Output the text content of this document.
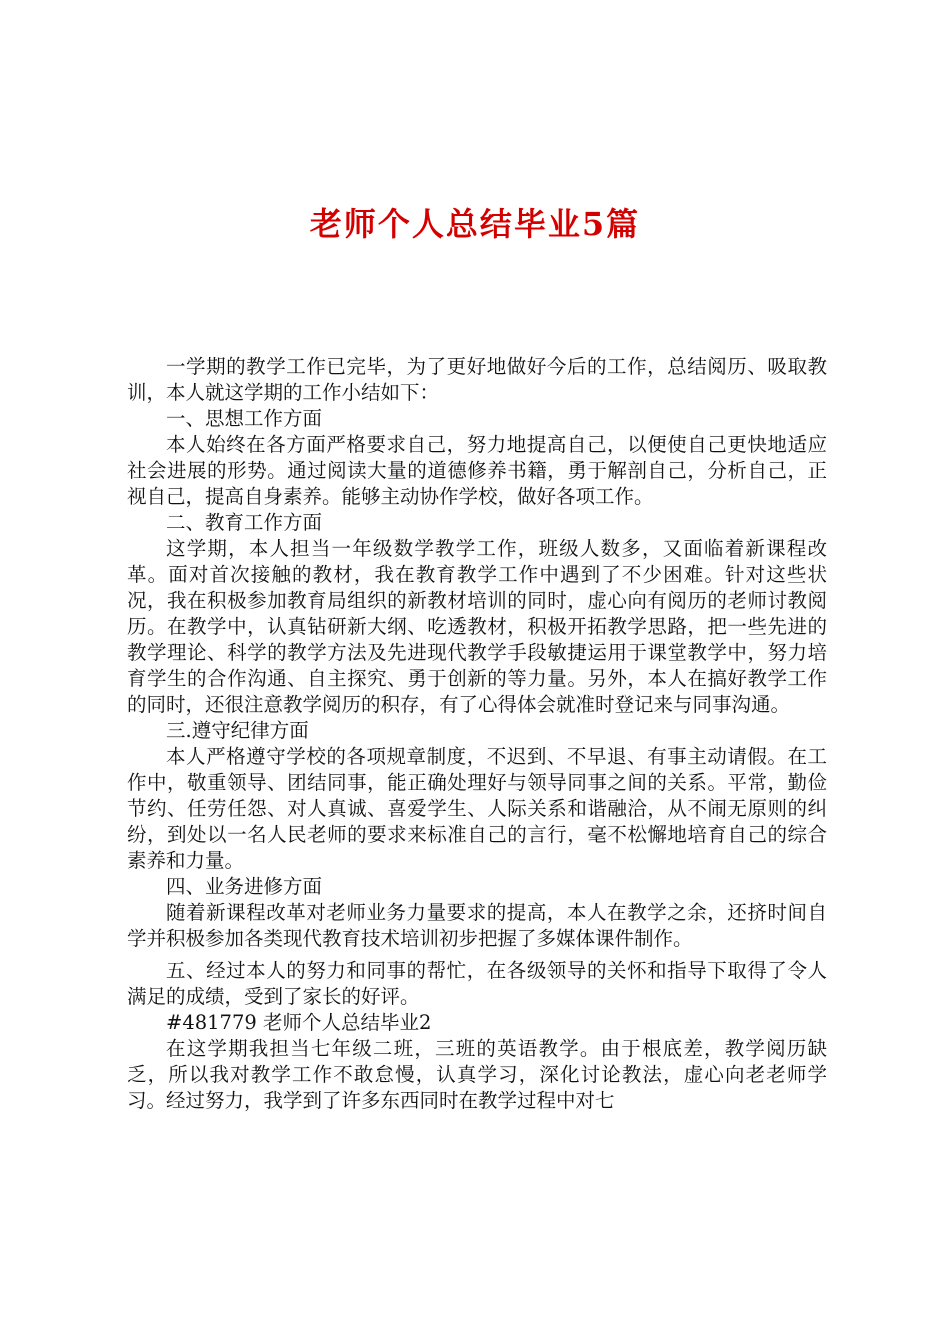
老师个人总结毕业5篇

一学期的教学工作已完毕，为了更好地做好今后的工作，总结阅历、吸取教训，本人就这学期的工作小结如下：

一、思想工作方面

本人始终在各方面严格要求自己，努力地提高自己，以便使自己更快地适应社会进展的形势。通过阅读大量的道德修养书籍，勇于解剖自己，分析自己，正视自己，提高自身素养。能够主动协作学校，做好各项工作。

二、教育工作方面

这学期，本人担当一年级数学教学工作，班级人数多，又面临着新课程改革。面对首次接触的教材，我在教育教学工作中遇到了不少困难。针对这些状况，我在积极参加教育局组织的新教材培训的同时，虚心向有阅历的老师讨教阅历。在教学中，认真钻研新大纲、吃透教材，积极开拓教学思路，把一些先进的教学理论、科学的教学方法及先进现代教学手段敏捷运用于课堂教学中，努力培育学生的合作沟通、自主探究、勇于创新的等力量。另外，本人在搞好教学工作的同时，还很注意教学阅历的积存，有了心得体会就准时登记来与同事沟通。

三.遵守纪律方面

本人严格遵守学校的各项规章制度，不迟到、不早退、有事主动请假。在工作中，敬重领导、团结同事，能正确处理好与领导同事之间的关系。平常，勤俭节约、任劳任怨、对人真诚、喜爱学生、人际关系和谐融洽，从不闹无原则的纠纷，到处以一名人民老师的要求来标准自己的言行，毫不松懈地培育自己的综合素养和力量。

四、业务进修方面

随着新课程改革对老师业务力量要求的提高，本人在教学之余，还挤时间自学并积极参加各类现代教育技术培训初步把握了多媒体课件制作。

五、经过本人的努力和同事的帮忙，在各级领导的关怀和指导下取得了令人满足的成绩，受到了家长的好评。

#481779 老师个人总结毕业2

在这学期我担当七年级二班，三班的英语教学。由于根底差，教学阅历缺乏，所以我对教学工作不敢怠慢，认真学习，深化讨论教法，虚心向老老师学习。经过努力，我学到了许多东西同时在教学过程中对七
